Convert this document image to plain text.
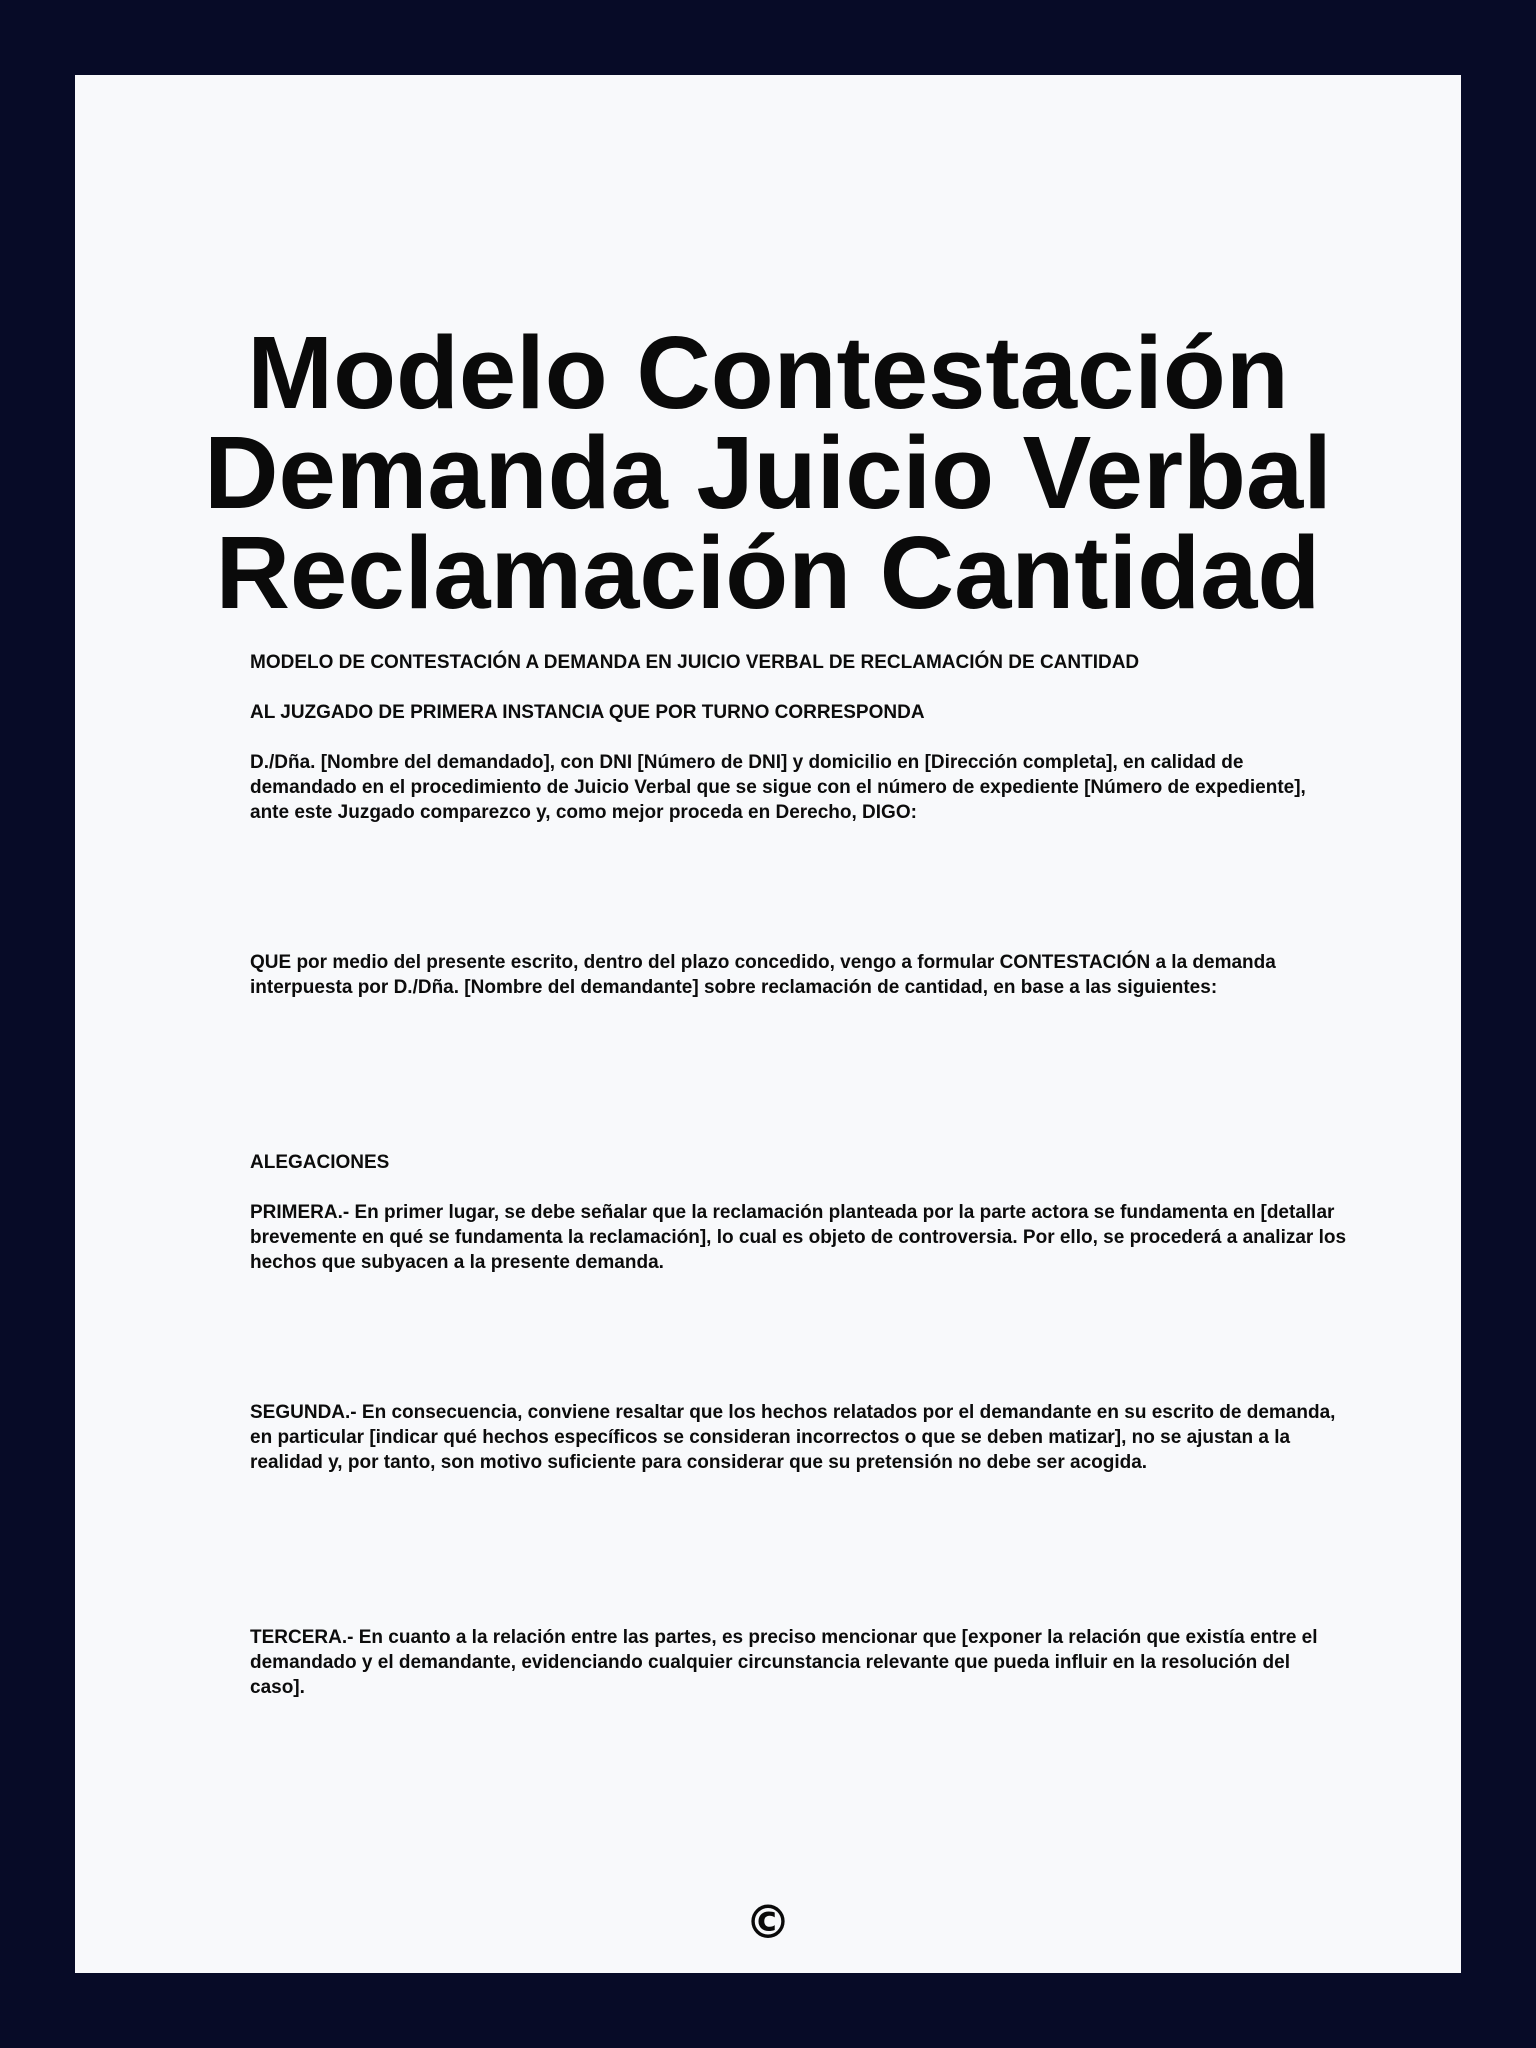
Modelo Contestación
Demanda Juicio Verbal
Reclamación Cantidad

MODELO DE CONTESTACIÓN A DEMANDA EN JUICIO VERBAL DE RECLAMACIÓN DE CANTIDAD

AL JUZGADO DE PRIMERA INSTANCIA QUE POR TURNO CORRESPONDA

D./Dña. [Nombre del demandado], con DNI [Número de DNI] y domicilio en [Dirección completa], en calidad de demandado en el procedimiento de Juicio Verbal que se sigue con el número de expediente [Número de expediente], ante este Juzgado comparezco y, como mejor proceda en Derecho, DIGO:

QUE por medio del presente escrito, dentro del plazo concedido, vengo a formular CONTESTACIÓN a la demanda interpuesta por D./Dña. [Nombre del demandante] sobre reclamación de cantidad, en base a las siguientes:

ALEGACIONES

PRIMERA.- En primer lugar, se debe señalar que la reclamación planteada por la parte actora se fundamenta en [detallar brevemente en qué se fundamenta la reclamación], lo cual es objeto de controversia. Por ello, se procederá a analizar los hechos que subyacen a la presente demanda.

SEGUNDA.- En consecuencia, conviene resaltar que los hechos relatados por el demandante en su escrito de demanda, en particular [indicar qué hechos específicos se consideran incorrectos o que se deben matizar], no se ajustan a la realidad y, por tanto, son motivo suficiente para considerar que su pretensión no debe ser acogida.

TERCERA.- En cuanto a la relación entre las partes, es preciso mencionar que [exponer la relación que existía entre el demandado y el demandante, evidenciando cualquier circunstancia relevante que pueda influir en la resolución del caso].

©
